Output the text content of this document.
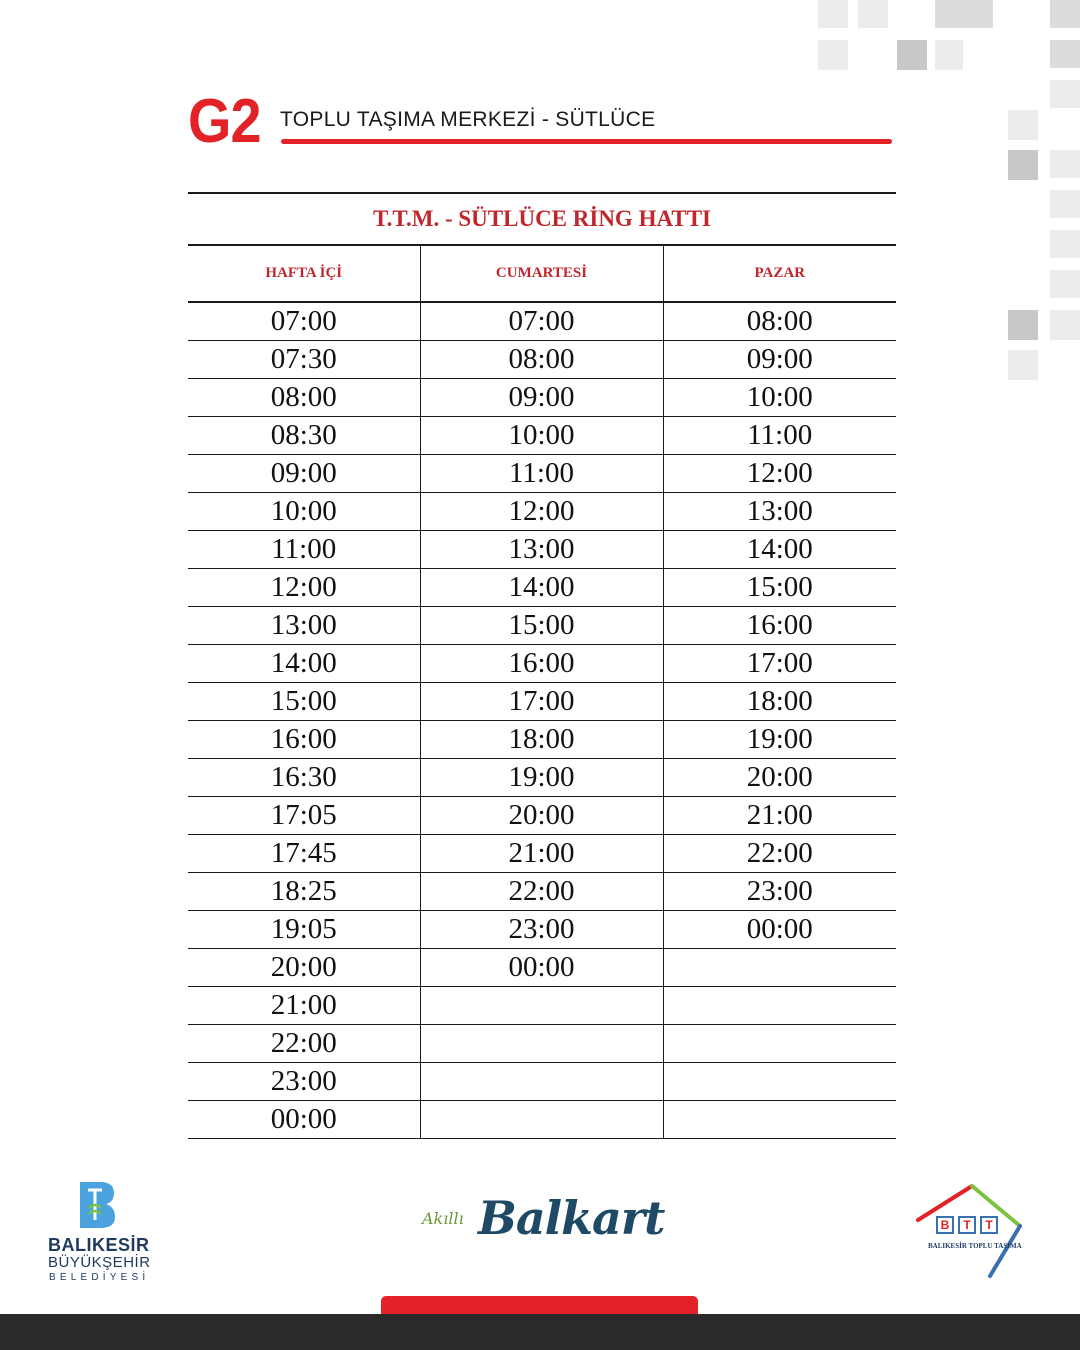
G2 TOPLU TAŞIMA MERKEZİ - SÜTLÜCE
T.T.M. - SÜTLÜCE RİNG HATTI
HAFTA İÇİ	CUMARTESİ	PAZAR
07:00	07:00	08:00
07:30	08:00	09:00
08:00	09:00	10:00
08:30	10:00	11:00
09:00	11:00	12:00
10:00	12:00	13:00
11:00	13:00	14:00
12:00	14:00	15:00
13:00	15:00	16:00
14:00	16:00	17:00
15:00	17:00	18:00
16:00	18:00	19:00
16:30	19:00	20:00
17:05	20:00	21:00
17:45	21:00	22:00
18:25	22:00	23:00
19:05	23:00	00:00
20:00	00:00	
21:00		
22:00		
23:00		
00:00		
BALIKESİR
BÜYÜKŞEHİR
BELEDİYESİ
Akıllı Balkart	B	T	T
BALIKESİR TOPLU TAŞIMA
